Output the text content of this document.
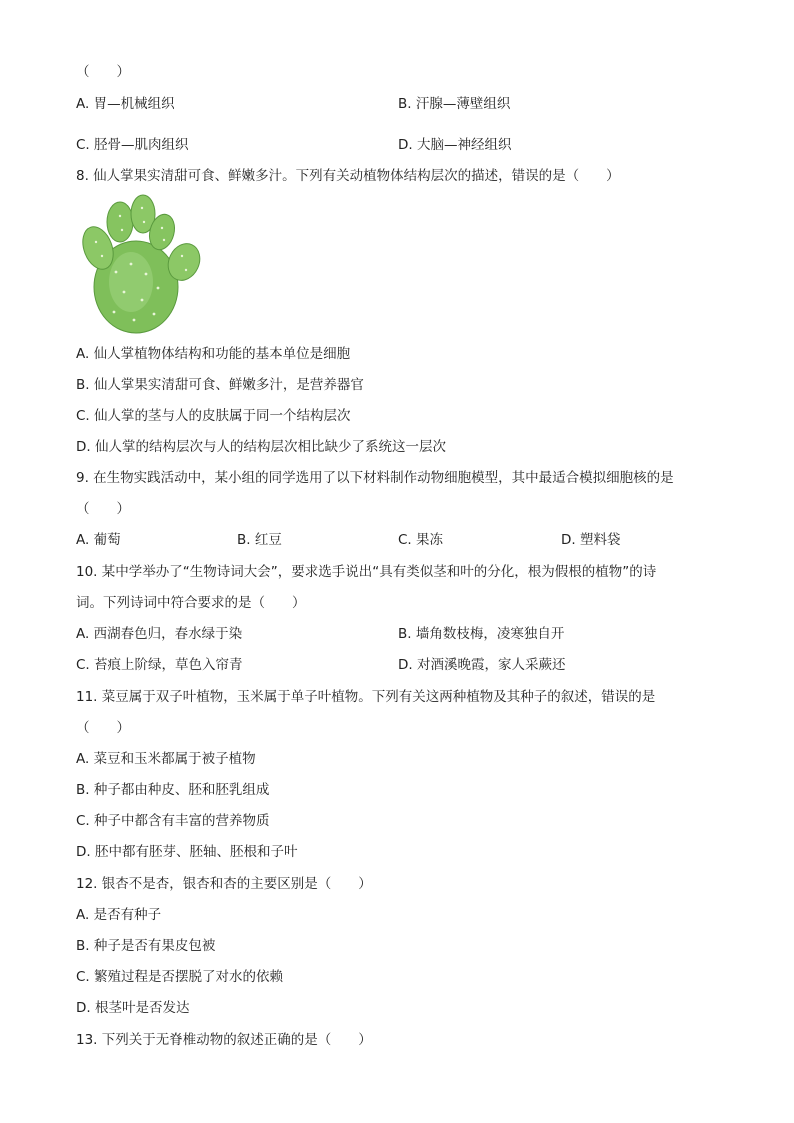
（　　）
A. 胃—机械组织	B. 汗腺—薄壁组织
C. 胫骨—肌肉组织	D. 大脑—神经组织
8. 仙人掌果实清甜可食、鲜嫩多汁。下列有关动植物体结构层次的描述，错误的是（　　）
A. 仙人掌植物体结构和功能的基本单位是细胞
B. 仙人掌果实清甜可食、鲜嫩多汁，是营养器官
C. 仙人掌的茎与人的皮肤属于同一个结构层次
D. 仙人掌的结构层次与人的结构层次相比缺少了系统这一层次
9. 在生物实践活动中，某小组的同学选用了以下材料制作动物细胞模型，其中最适合模拟细胞核的是
（　　）
A. 葡萄	B. 红豆	C. 果冻	D. 塑料袋
10. 某中学举办了“生物诗词大会”，要求选手说出“具有类似茎和叶的分化，根为假根的植物”的诗
词。下列诗词中符合要求的是（　　）
A. 西湖春色归，春水绿于染	B. 墙角数枝梅，凌寒独自开
C. 苔痕上阶绿，草色入帘青	D. 对酒溪晚霞，家人采蕨还
11. 菜豆属于双子叶植物，玉米属于单子叶植物。下列有关这两种植物及其种子的叙述，错误的是
（　　）
A. 菜豆和玉米都属于被子植物
B. 种子都由种皮、胚和胚乳组成
C. 种子中都含有丰富的营养物质
D. 胚中都有胚芽、胚轴、胚根和子叶
12. 银杏不是杏，银杏和杏的主要区别是（　　）
A. 是否有种子
B. 种子是否有果皮包被
C. 繁殖过程是否摆脱了对水的依赖
D. 根茎叶是否发达
13. 下列关于无脊椎动物的叙述正确的是（　　）
